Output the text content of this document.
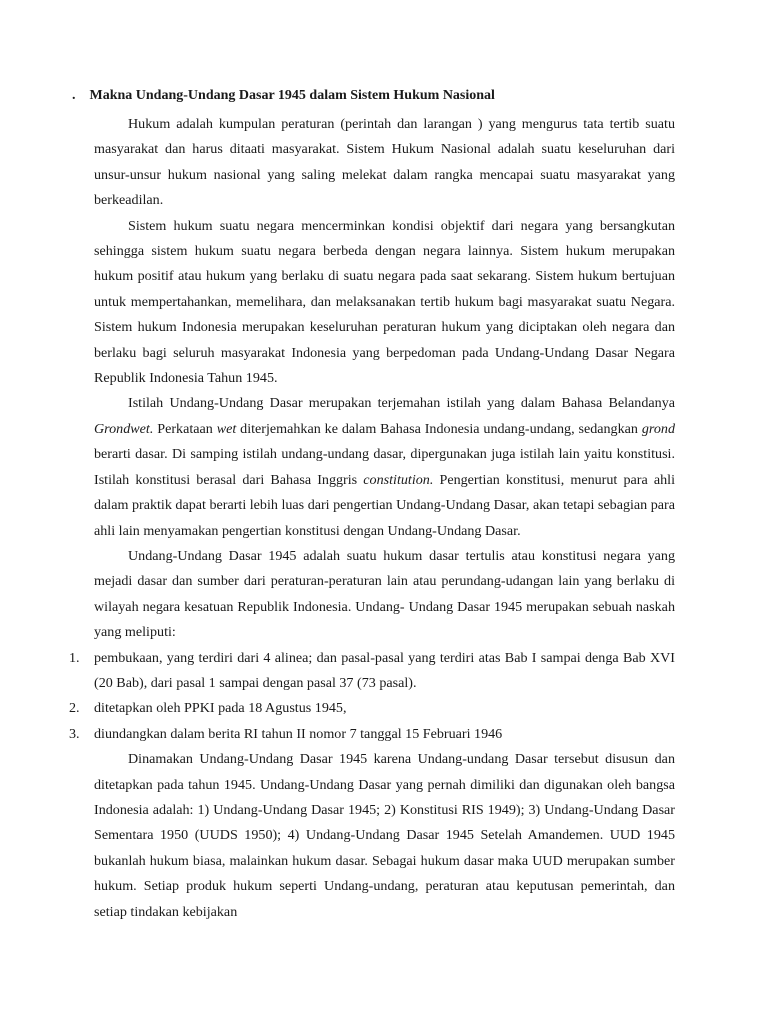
. Makna Undang-Undang Dasar 1945 dalam Sistem Hukum Nasional

Hukum adalah kumpulan peraturan (perintah dan larangan ) yang mengurus tata tertib suatu masyarakat dan harus ditaati masyarakat. Sistem Hukum Nasional adalah suatu keseluruhan dari unsur-unsur hukum nasional yang saling melekat dalam rangka mencapai suatu masyarakat yang berkeadilan.

Sistem hukum suatu negara mencerminkan kondisi objektif dari negara yang bersangkutan sehingga sistem hukum suatu negara berbeda dengan negara lainnya. Sistem hukum merupakan hukum positif atau hukum yang berlaku di suatu negara pada saat sekarang. Sistem hukum bertujuan untuk mempertahankan, memelihara, dan melaksanakan tertib hukum bagi masyarakat suatu Negara. Sistem hukum Indonesia merupakan keseluruhan peraturan hukum yang diciptakan oleh negara dan berlaku bagi seluruh masyarakat Indonesia yang berpedoman pada Undang-Undang Dasar Negara Republik Indonesia Tahun 1945.

Istilah Undang-Undang Dasar merupakan terjemahan istilah yang dalam Bahasa Belandanya Grondwet. Perkataan wet diterjemahkan ke dalam Bahasa Indonesia undang-undang, sedangkan grond berarti dasar. Di samping istilah undang-undang dasar, dipergunakan juga istilah lain yaitu konstitusi. Istilah konstitusi berasal dari Bahasa Inggris constitution. Pengertian konstitusi, menurut para ahli dalam praktik dapat berarti lebih luas dari pengertian Undang-Undang Dasar, akan tetapi sebagian para ahli lain menyamakan pengertian konstitusi dengan Undang-Undang Dasar.

Undang-Undang Dasar 1945 adalah suatu hukum dasar tertulis atau konstitusi negara yang mejadi dasar dan sumber dari peraturan-peraturan lain atau perundang-udangan lain yang berlaku di wilayah negara kesatuan Republik Indonesia. Undang- Undang Dasar 1945 merupakan sebuah naskah yang meliputi:

1. pembukaan, yang terdiri dari 4 alinea; dan pasal-pasal yang terdiri atas Bab I sampai denga Bab XVI (20 Bab), dari pasal 1 sampai dengan pasal 37 (73 pasal).
2. ditetapkan oleh PPKI pada 18 Agustus 1945,
3. diundangkan dalam berita RI tahun II nomor 7 tanggal 15 Februari 1946

Dinamakan Undang-Undang Dasar 1945 karena Undang-undang Dasar tersebut disusun dan ditetapkan pada tahun 1945. Undang-Undang Dasar yang pernah dimiliki dan digunakan oleh bangsa Indonesia adalah: 1) Undang-Undang Dasar 1945; 2) Konstitusi RIS 1949); 3) Undang-Undang Dasar Sementara 1950 (UUDS 1950); 4) Undang-Undang Dasar 1945 Setelah Amandemen. UUD 1945 bukanlah hukum biasa, malainkan hukum dasar. Sebagai hukum dasar maka UUD merupakan sumber hukum. Setiap produk hukum seperti Undang-undang, peraturan atau keputusan pemerintah, dan setiap tindakan kebijakan
